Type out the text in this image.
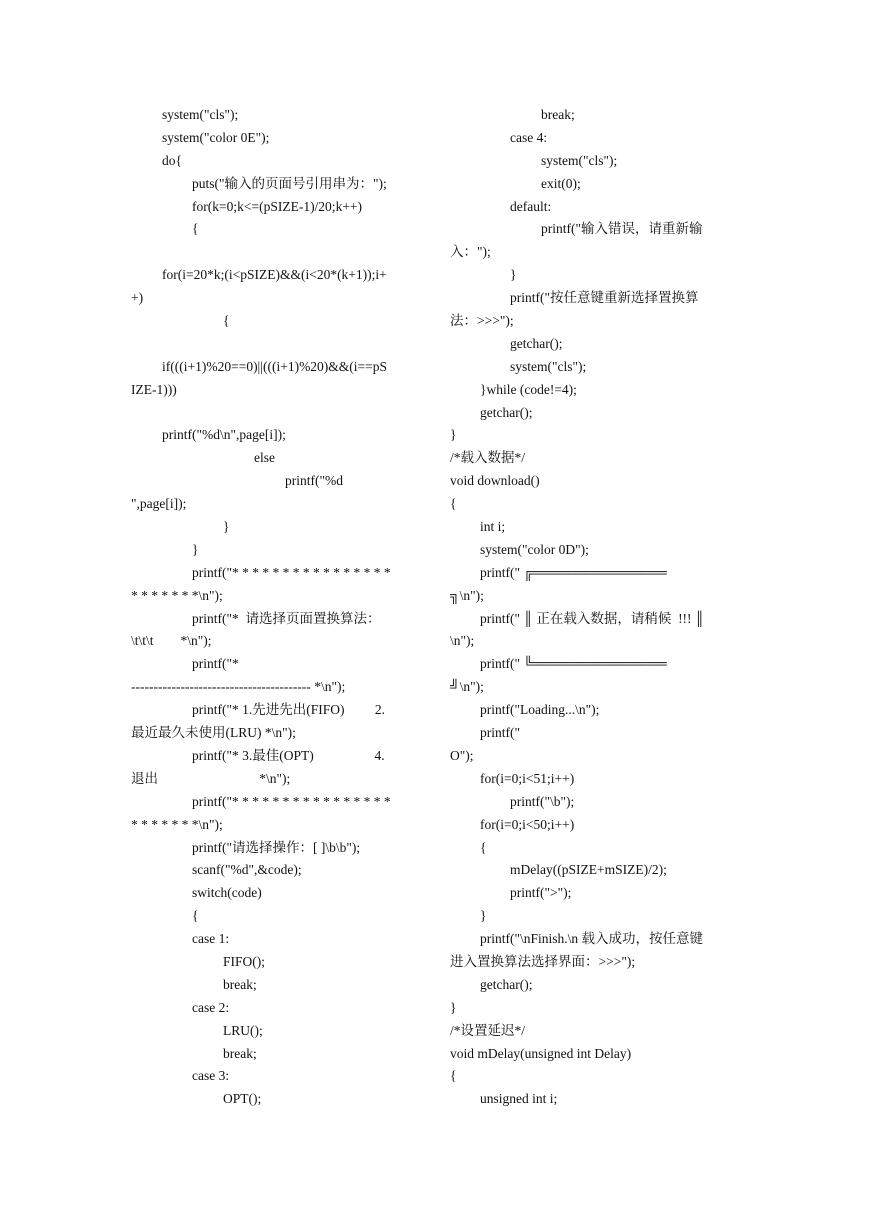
system("cls");
system("color 0E");
do{
puts("输入的页面号引用串为：");
for(k=0;k<=(pSIZE-1)/20;k++)
{
for(i=20*k;(i<pSIZE)&&(i<20*(k+1));i+
+)
{
if(((i+1)%20==0)||(((i+1)%20)&&(i==pS
IZE-1)))
printf("%d\n",page[i]);
else
printf("%d
",page[i]);
}
}
printf("* * * * * * * * * * * * * * * *
* * * * * * *\n");
printf("*  请选择页面置换算法：
\t\t\t        *\n");
printf("*
---------------------------------------- *\n");
printf("* 1.先进先出(FIFO)         2.
最近最久未使用(LRU) *\n");
printf("* 3.最佳(OPT)                  4.
退出                              *\n");
printf("* * * * * * * * * * * * * * * *
* * * * * * *\n");
printf("请选择操作：[ ]\b\b");
scanf("%d",&code);
switch(code)
{
case 1:
FIFO();
break;
case 2:
LRU();
break;
case 3:
OPT();
break;
case 4:
system("cls");
exit(0);
default:
printf("输入错误，请重新输
入：");
}
printf("按任意键重新选择置换算
法：>>>");
getchar();
system("cls");
}while (code!=4);
getchar();
}
/*载入数据*/
void download()
{
int i;
system("color 0D");
printf(" ╔══════════════
╗\n");
printf(" ║ 正在载入数据，请稍候  !!! ║
\n");
printf(" ╚══════════════
╝\n");
printf("Loading...\n");
printf("
O");
for(i=0;i<51;i++)
printf("\b");
for(i=0;i<50;i++)
{
mDelay((pSIZE+mSIZE)/2);
printf(">");
}
printf("\nFinish.\n 载入成功，按任意键
进入置换算法选择界面：>>>");
getchar();
}
/*设置延迟*/
void mDelay(unsigned int Delay)
{
unsigned int i;
